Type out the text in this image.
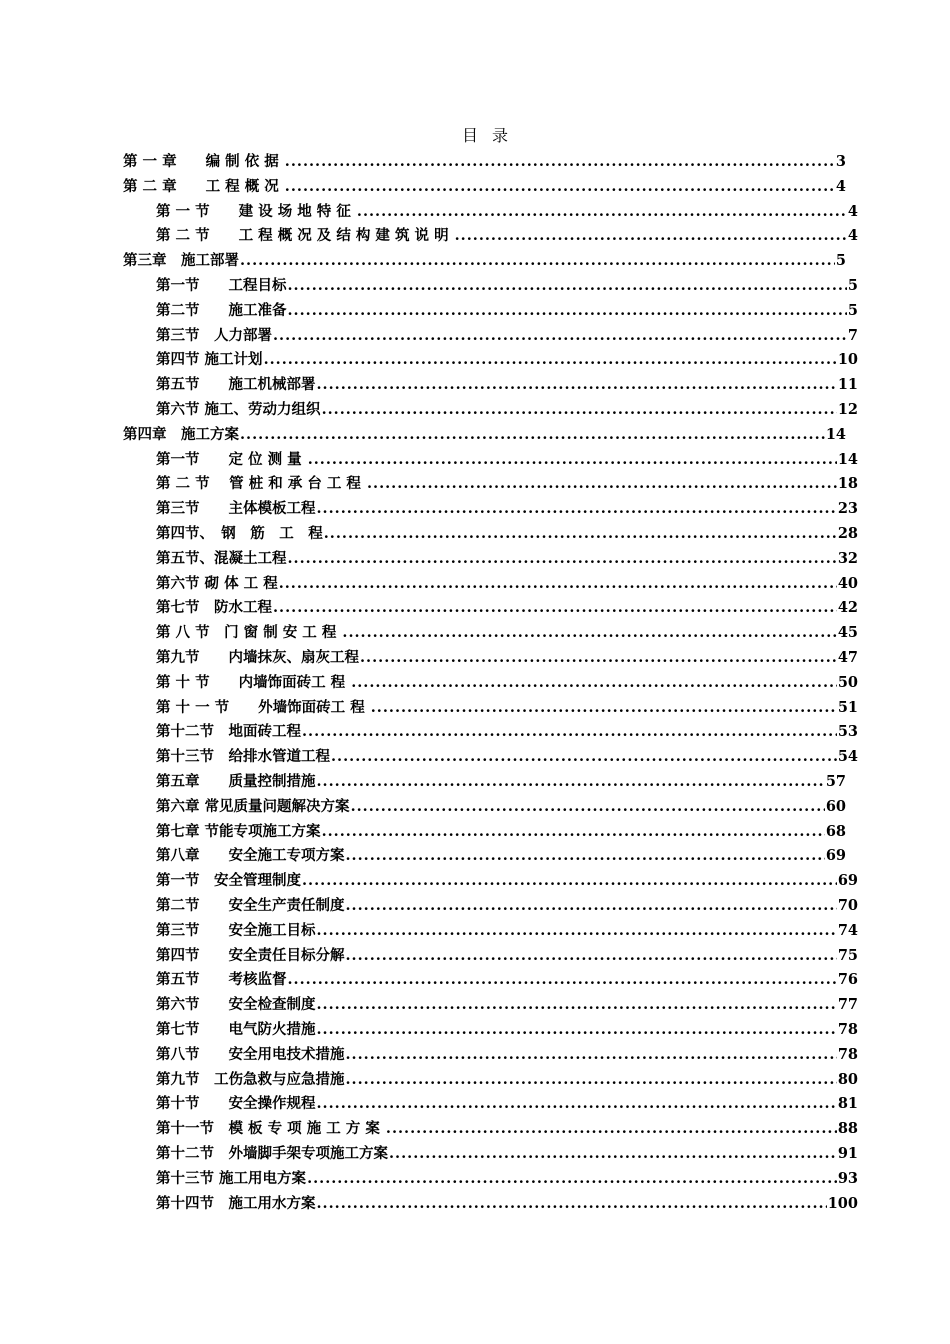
目录
第 一 章　　编 制 依 据 .....	3
第 二 章　　工 程 概 况 .....	4
第 一 节　　建 设 场 地 特 征 .....	4
第 二 节　　工 程 概 况 及 结 构 建 筑 说 明 .....	4
第三章　施工部署 .....	5
第一节　　工程目标 .....	5
第二节　　施工准备 .....	5
第三节　人力部署 .....	7
第四节 施工计划 .....	10
第五节　　施工机械部署 .....	11
第六节 施工、劳动力组织 .....	12
第四章　施工方案 .....	14
第一节　　定 位 测 量 .....	14
第 二 节　 管 桩 和 承 台 工 程 .....	18
第三节　　主体模板工程 .....	23
第四节、　钢　筋　工　程 .....	28
第五节、混凝土工程 .....	32
第六节 砌 体 工 程 .....	40
第七节　防水工程 .....	42
第 八 节　门 窗 制 安 工 程 .....	45
第九节　　内墙抹灰、扇灰工程 .....	47
第 十 节　　内墙饰面砖工 程 .....	50
第 十 一 节　　外墙饰面砖工 程 .....	51
第十二节　地面砖工程 .....	53
第十三节　给排水管道工程 .....	54
第五章　　质量控制措施 .....	57
第六章 常见质量问题解决方案 .....	60
第七章 节能专项施工方案 .....	68
第八章　　安全施工专项方案 .....	69
第一节　安全管理制度 .....	69
第二节　　安全生产责任制度 .....	70
第三节　　安全施工目标 .....	74
第四节　　安全责任目标分解 .....	75
第五节　　考核监督 .....	76
第六节　　安全检查制度 .....	77
第七节　　电气防火措施 .....	78
第八节　　安全用电技术措施 .....	78
第九节　工伤急救与应急措施 .....	80
第十节　　安全操作规程 .....	81
第十一节　模 板 专 项 施 工 方 案 .....	88
第十二节　外墙脚手架专项施工方案 .....	91
第十三节 施工用电方案 .....	93
第十四节　施工用水方案 .....	100
